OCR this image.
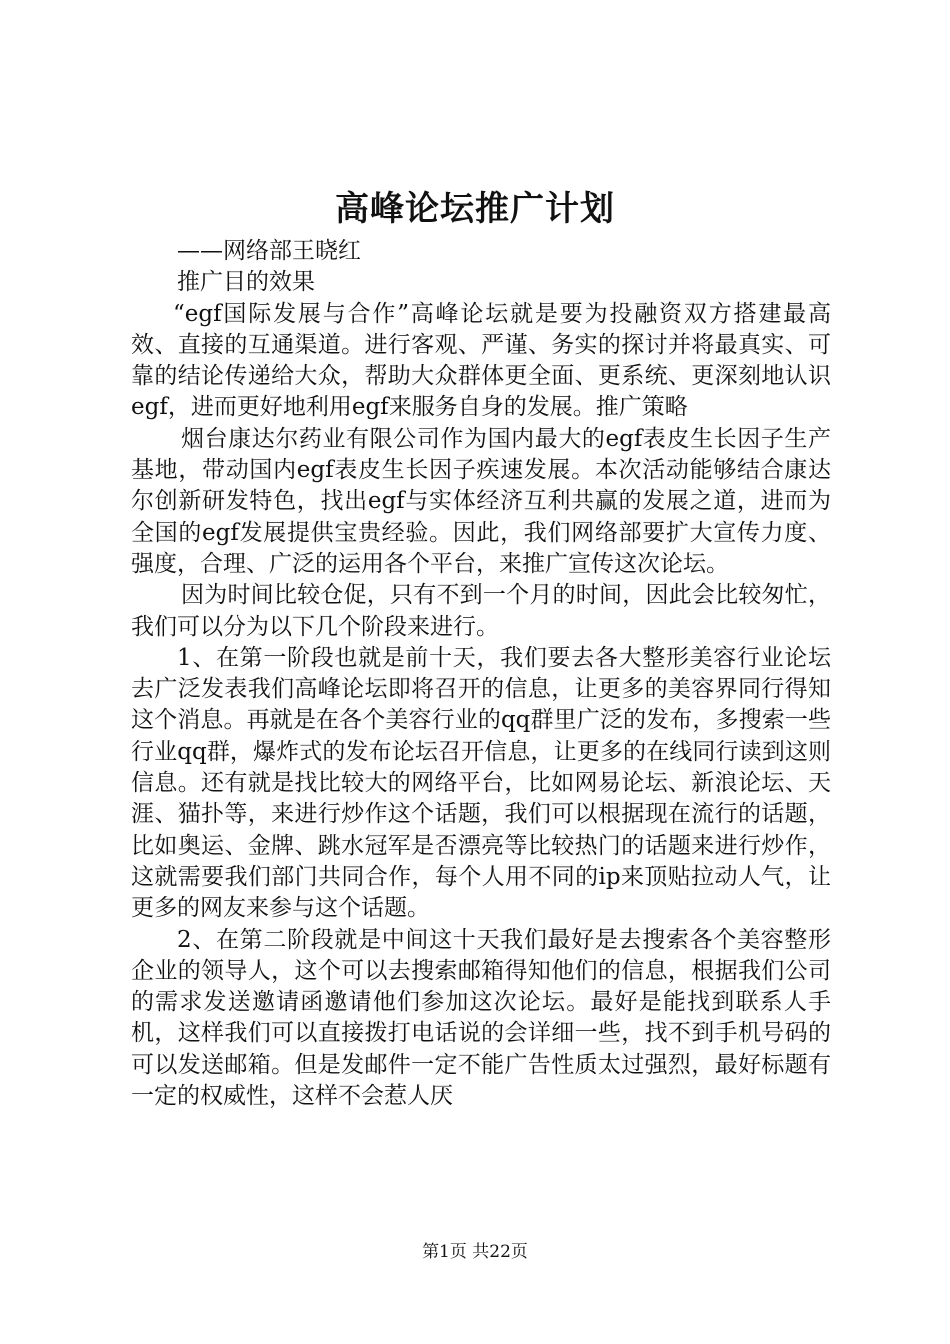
高峰论坛推广计划

——网络部王晓红

推广目的效果

“egf国际发展与合作”高峰论坛就是要为投融资双方搭建最高效、直接的互通渠道。进行客观、严谨、务实的探讨并将最真实、可靠的结论传递给大众，帮助大众群体更全面、更系统、更深刻地认识egf，进而更好地利用egf来服务自身的发展。推广策略

烟台康达尔药业有限公司作为国内最大的egf表皮生长因子生产基地，带动国内egf表皮生长因子疾速发展。本次活动能够结合康达尔创新研发特色，找出egf与实体经济互利共赢的发展之道，进而为全国的egf发展提供宝贵经验。因此，我们网络部要扩大宣传力度、强度，合理、广泛的运用各个平台，来推广宣传这次论坛。

因为时间比较仓促，只有不到一个月的时间，因此会比较匆忙，我们可以分为以下几个阶段来进行。

1、在第一阶段也就是前十天，我们要去各大整形美容行业论坛去广泛发表我们高峰论坛即将召开的信息，让更多的美容界同行得知这个消息。再就是在各个美容行业的qq群里广泛的发布，多搜索一些行业qq群，爆炸式的发布论坛召开信息，让更多的在线同行读到这则信息。还有就是找比较大的网络平台，比如网易论坛、新浪论坛、天涯、猫扑等，来进行炒作这个话题，我们可以根据现在流行的话题，比如奥运、金牌、跳水冠军是否漂亮等比较热门的话题来进行炒作，这就需要我们部门共同合作，每个人用不同的ip来顶贴拉动人气，让更多的网友来参与这个话题。

2、在第二阶段就是中间这十天我们最好是去搜索各个美容整形企业的领导人，这个可以去搜索邮箱得知他们的信息，根据我们公司的需求发送邀请函邀请他们参加这次论坛。最好是能找到联系人手机，这样我们可以直接拨打电话说的会详细一些，找不到手机号码的可以发送邮箱。但是发邮件一定不能广告性质太过强烈，最好标题有一定的权威性，这样不会惹人厌

第1页 共22页
